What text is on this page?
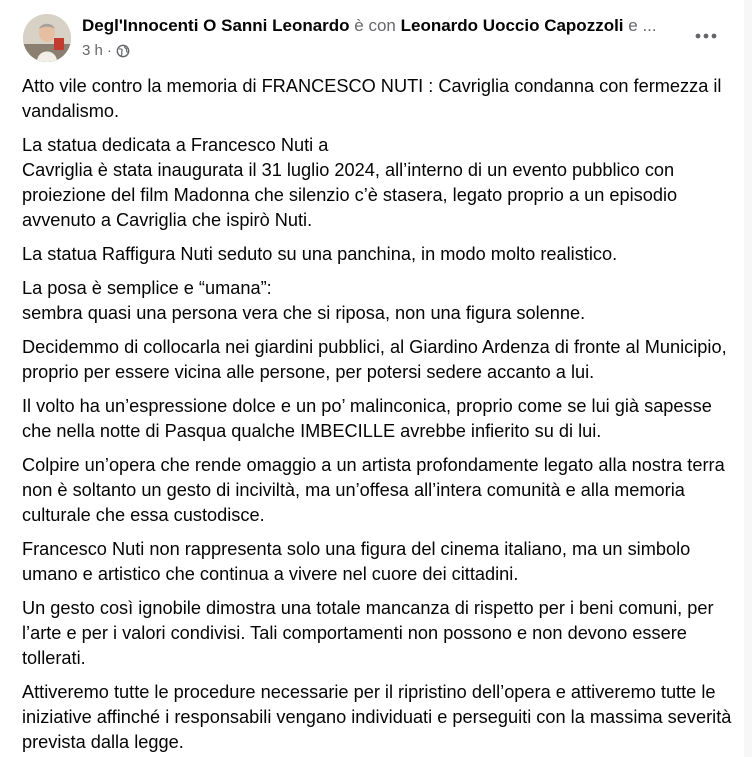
Degl'Innocenti O Sanni Leonardo è con Leonardo Uoccio Capozzoli e ...
3 h ·

Atto vile contro la memoria di FRANCESCO NUTI : Cavriglia condanna con fermezza il vandalismo.

La statua dedicata a Francesco Nuti a
Cavriglia è stata inaugurata il 31 luglio 2024, all’interno di un evento pubblico con proiezione del film Madonna che silenzio c’è stasera, legato proprio a un episodio avvenuto a Cavriglia che ispirò Nuti.

La statua Raffigura Nuti seduto su una panchina, in modo molto realistico.

La posa è semplice e “umana”:
sembra quasi una persona vera che si riposa, non una figura solenne.

Decidemmo di collocarla nei giardini pubblici, al Giardino Ardenza di fronte al Municipio, proprio per essere vicina alle persone, per potersi sedere accanto a lui.

Il volto ha un’espressione dolce e un po’ malinconica, proprio come se lui già sapesse che nella notte di Pasqua qualche IMBECILLE avrebbe infierito su di lui.

Colpire un’opera che rende omaggio a un artista profondamente legato alla nostra terra non è soltanto un gesto di inciviltà, ma un’offesa all’intera comunità e alla memoria culturale che essa custodisce.

Francesco Nuti non rappresenta solo una figura del cinema italiano, ma un simbolo umano e artistico che continua a vivere nel cuore dei cittadini.

Un gesto così ignobile dimostra una totale mancanza di rispetto per i beni comuni, per l’arte e per i valori condivisi. Tali comportamenti non possono e non devono essere tollerati.

Attiveremo tutte le procedure necessarie per il ripristino dell’opera e attiveremo tutte le iniziative affinché i responsabili vengano individuati e perseguiti con la massima severità prevista dalla legge.
